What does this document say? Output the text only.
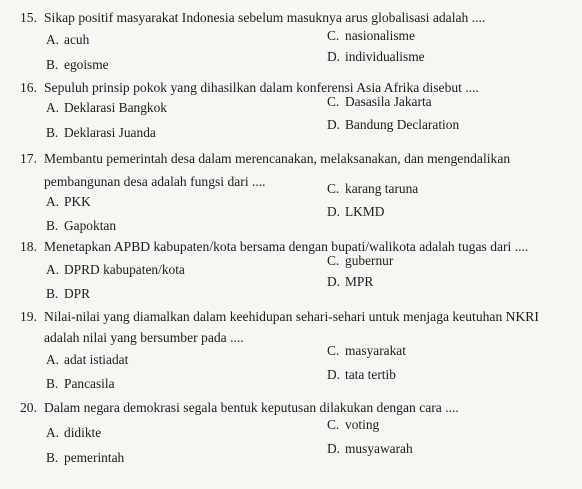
15. Sikap positif masyarakat Indonesia sebelum masuknya arus globalisasi adalah ....
C. nasionalisme
A. acuh
D. individualisme
B. egoisme
16. Sepuluh prinsip pokok yang dihasilkan dalam konferensi Asia Afrika disebut ....
C. Dasasila Jakarta
A. Deklarasi Bangkok
D. Bandung Declaration
B. Deklarasi Juanda
17. Membantu pemerintah desa dalam merencanakan, melaksanakan, dan mengendalikan
pembangunan desa adalah fungsi dari ....	C. karang taruna
A. PKK
D. LKMD
B. Gapoktan
18. Menetapkan APBD kabupaten/kota bersama dengan bupati/walikota adalah tugas dari ....
C. gubernur
A. DPRD kabupaten/kota
D. MPR
B. DPR
19. Nilai-nilai yang diamalkan dalam keehidupan sehari-sehari untuk menjaga keutuhan NKRI
adalah nilai yang bersumber pada ....
C. masyarakat
A. adat istiadat
D. tata tertib
B. Pancasila
20. Dalam negara demokrasi segala bentuk keputusan dilakukan dengan cara ....
C. voting
A. didikte
D. musyawarah
B. pemerintah
